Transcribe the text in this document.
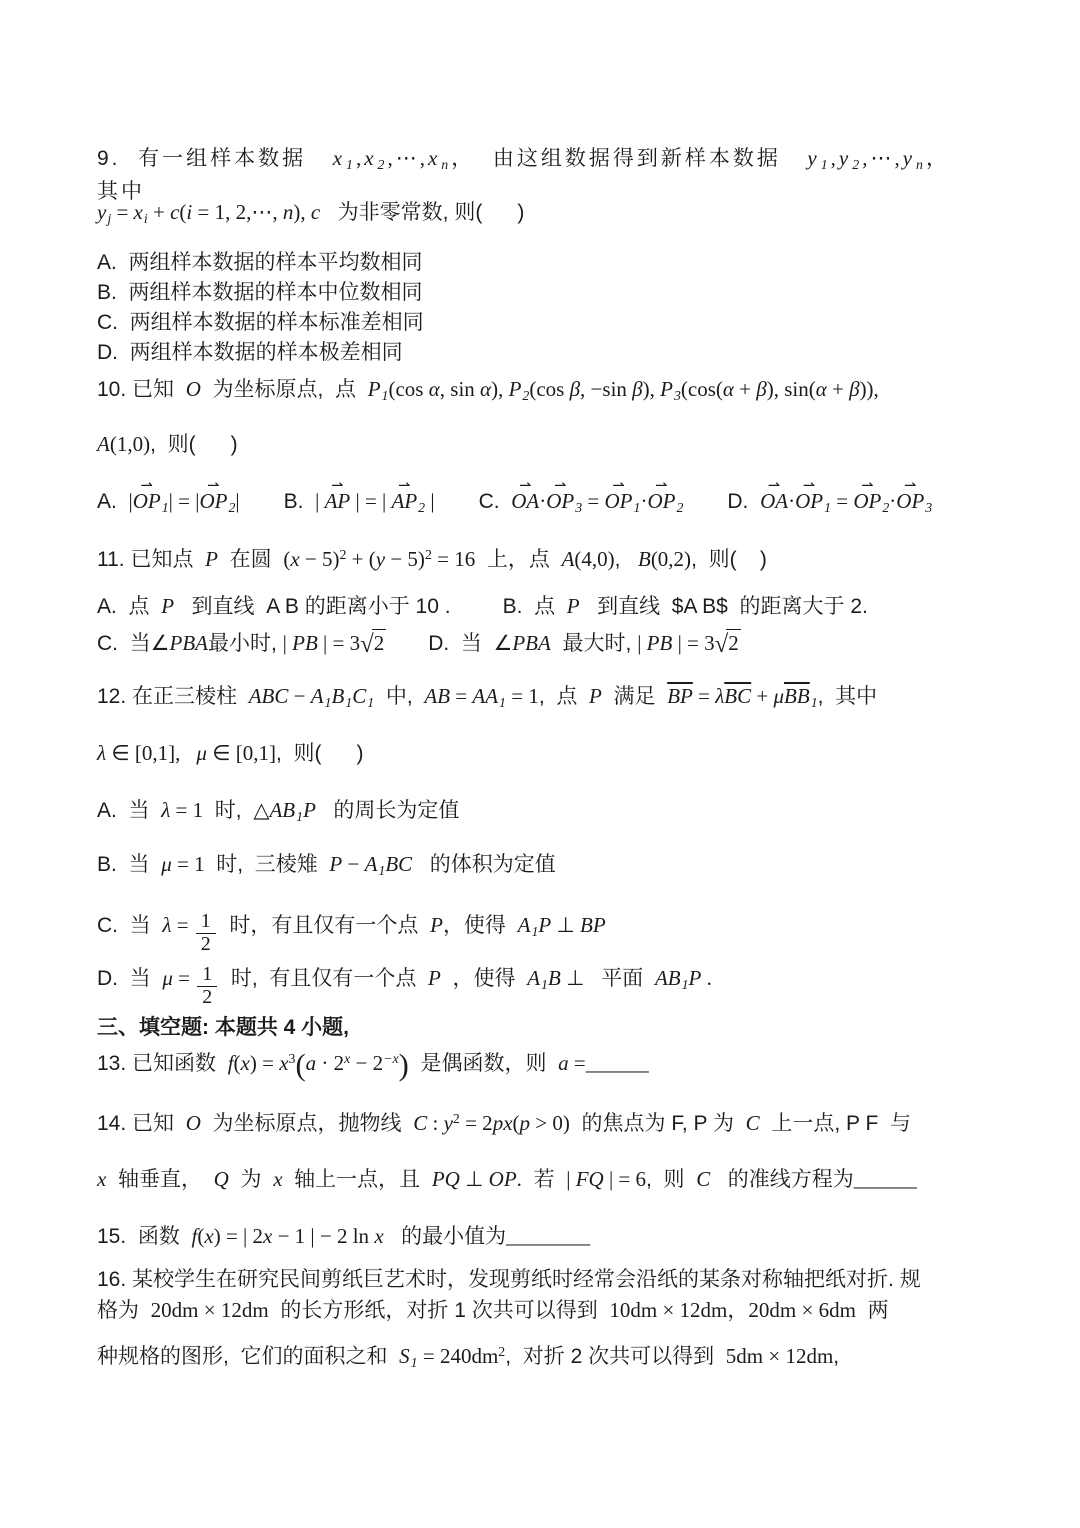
9.  有一组样本数据   $x_1,x_2,\cdots,x_n$，  由这组数据得到新样本数据   $y_1,y_2,\cdots,y_n$，  其中
$y_j = x_i + c(i = 1$, 2,⋯, n), c   为非零常数, 则(      )
A.  两组样本数据的样本平均数相同
B.  两组样本数据的样本中位数相同
C.  两组样本数据的样本标准差相同
D.  两组样本数据的样本极差相同
10. 已知  O  为坐标原点,  点  $P_1(\cos$ α, sin α), $P_2(\cos$ β, −sin β), $P_3(\cos(\alpha + \beta)$, sin(α + β)),
A(1,0),  则(      )
A.  |OP $⇀_1| = |OP$ $⇀_2|$ B.  | AP ⇀ | = | AP $⇀_2$ | C.  OA ⇀·OP $⇀_3$ = OP $⇀_1\cdot OP$ $⇀_2$ D.  OA ⇀·OP $⇀_1$ = OP $⇀_2\cdot OP$ $⇀_3$
11. 已知点  P  在圆  $(x - 5)^2 + (y - 5)^2 = 16$  上，点  A(4,0),   B(0,2),  则(    )
A.  点  P   到直线  A B 的距离小于 10 . B.  点  P   到直线  $A B$  的距离大于 2.
C.  当∠PBA最小时, | PB | = 3√2 D.  当  ∠PBA  最大时, | PB | = 3√2
12. 在正三棱柱  ABC − $A_1B_1C_1$  中,  AB = $AA_1 = 1$,  点  P  满足  $\overline{BP} = \lambda\overline{BC} + \mu\overline{BB}_1$,  其中
λ ∈ [0,1], μ ∈ [0,1],  则(      )
A.  当  λ = 1  时,  $\triangle AB_1P$   的周长为定值
B.  当  μ = 1  时,  三棱雉  $P - A_1BC$   的体积为定值
C.  当  $\lambda = \frac{1}{2}$ 时，有且仅有一个点  P，使得  $A_1P$ ⊥ BP
D.  当  $\mu = \frac{1}{2}$ 时,  有且仅有一个点  P  ，使得  $A_1B$ ⊥   平面  $AB_1P$ .
三、填空题: 本题共 4 小题,
13. 已知函数  $f(x) = x^3(a \cdot 2^x - 2^{-x})$  是偶函数，则  a =______
14. 已知  O  为坐标原点，抛物线  C : $y^2 = 2px(p > 0)$  的焦点为 F, P 为  C  上一点, P F  与
x  轴垂直，  Q  为  x  轴上一点，且  PQ ⊥ OP.  若  | FQ | = 6,  则  C   的准线方程为______
15.  函数  f(x) = | 2x − 1 | − 2 ln x   的最小值为________
16. 某校学生在研究民间剪纸巨艺术时，发现剪纸时经常会沿纸的某条对称轴把纸对折. 规
格为  20dm × 12dm  的长方形纸，对折 1 次共可以得到  10dm × 12dm，20dm × 6dm  两
种规格的图形,  它们的面积之和  $S_1 = 240dm^2$,  对折 2 次共可以得到  5dm × 12dm,
